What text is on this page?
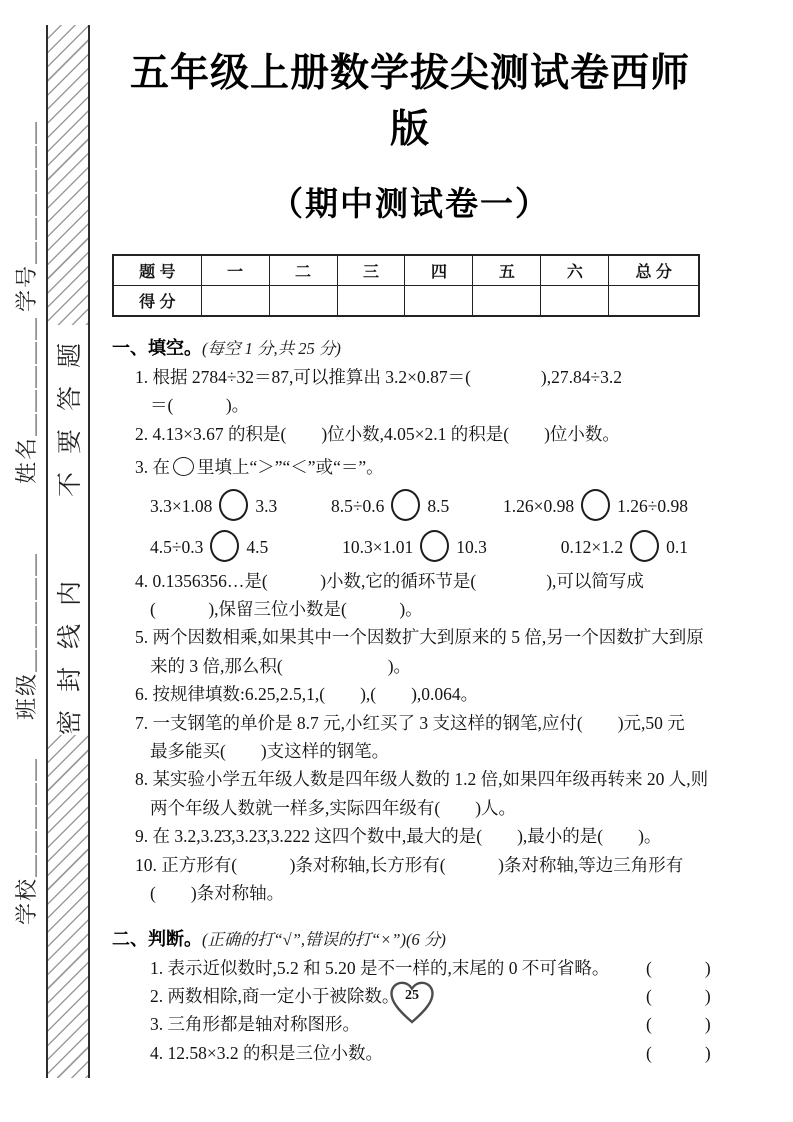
学号＿＿＿＿＿＿
姓名＿＿＿＿＿
班级＿＿＿＿＿
学校＿＿＿＿＿
密封线内
不要答题
五年级上册数学拔尖测试卷西师版
（期中测试卷一）
题 号	一	二	三	四	五	六	总 分
得 分							
一、填空。(每空 1 分,共 25 分)
1. 根据 2784÷32＝87,可以推算出 3.2×0.87＝(　　　　),27.84÷3.2
＝(　　　)。
2. 4.13×3.67 的积是(　　)位小数,4.05×2.1 的积是(　　)位小数。
3. 在 里填上“＞”“＜”或“＝”。
3.3×1.08 3.3	8.5÷0.6 8.5	1.26×0.98 1.26÷0.98
4.5÷0.3 4.5	10.3×1.01 10.3	0.12×1.2 0.1
4. 0.1356356…是(　　　)小数,它的循环节是(　　　　),可以简写成
(　　　),保留三位小数是(　　　)。
5. 两个因数相乘,如果其中一个因数扩大到原来的 5 倍,另一个因数扩大到原
来的 3 倍,那么积(　　　　　　)。
6. 按规律填数:6.25,2.5,1,(　　),(　　),0.064。
7. 一支钢笔的单价是 8.7 元,小红买了 3 支这样的钢笔,应付(　　)元,50 元
最多能买(　　)支这样的钢笔。
8. 某实验小学五年级人数是四年级人数的 1.2 倍,如果四年级再转来 20 人,则
两个年级人数就一样多,实际四年级有(　　)人。
9. 在 3.2,3.2̇3̇,3.23̇,3.222 这四个数中,最大的是(　　),最小的是(　　)。
10. 正方形有(　　　)条对称轴,长方形有(　　　)条对称轴,等边三角形有
(　　)条对称轴。
二、判断。(正确的打“√”,错误的打“×”)(6 分)
1. 表示近似数时,5.2 和 5.20 是不一样的,末尾的 0 不可省略。	(　　)
2. 两数相除,商一定小于被除数。	(　　)
3. 三角形都是轴对称图形。	(　　)
4. 12.58×3.2 的积是三位小数。	(　　)
25
